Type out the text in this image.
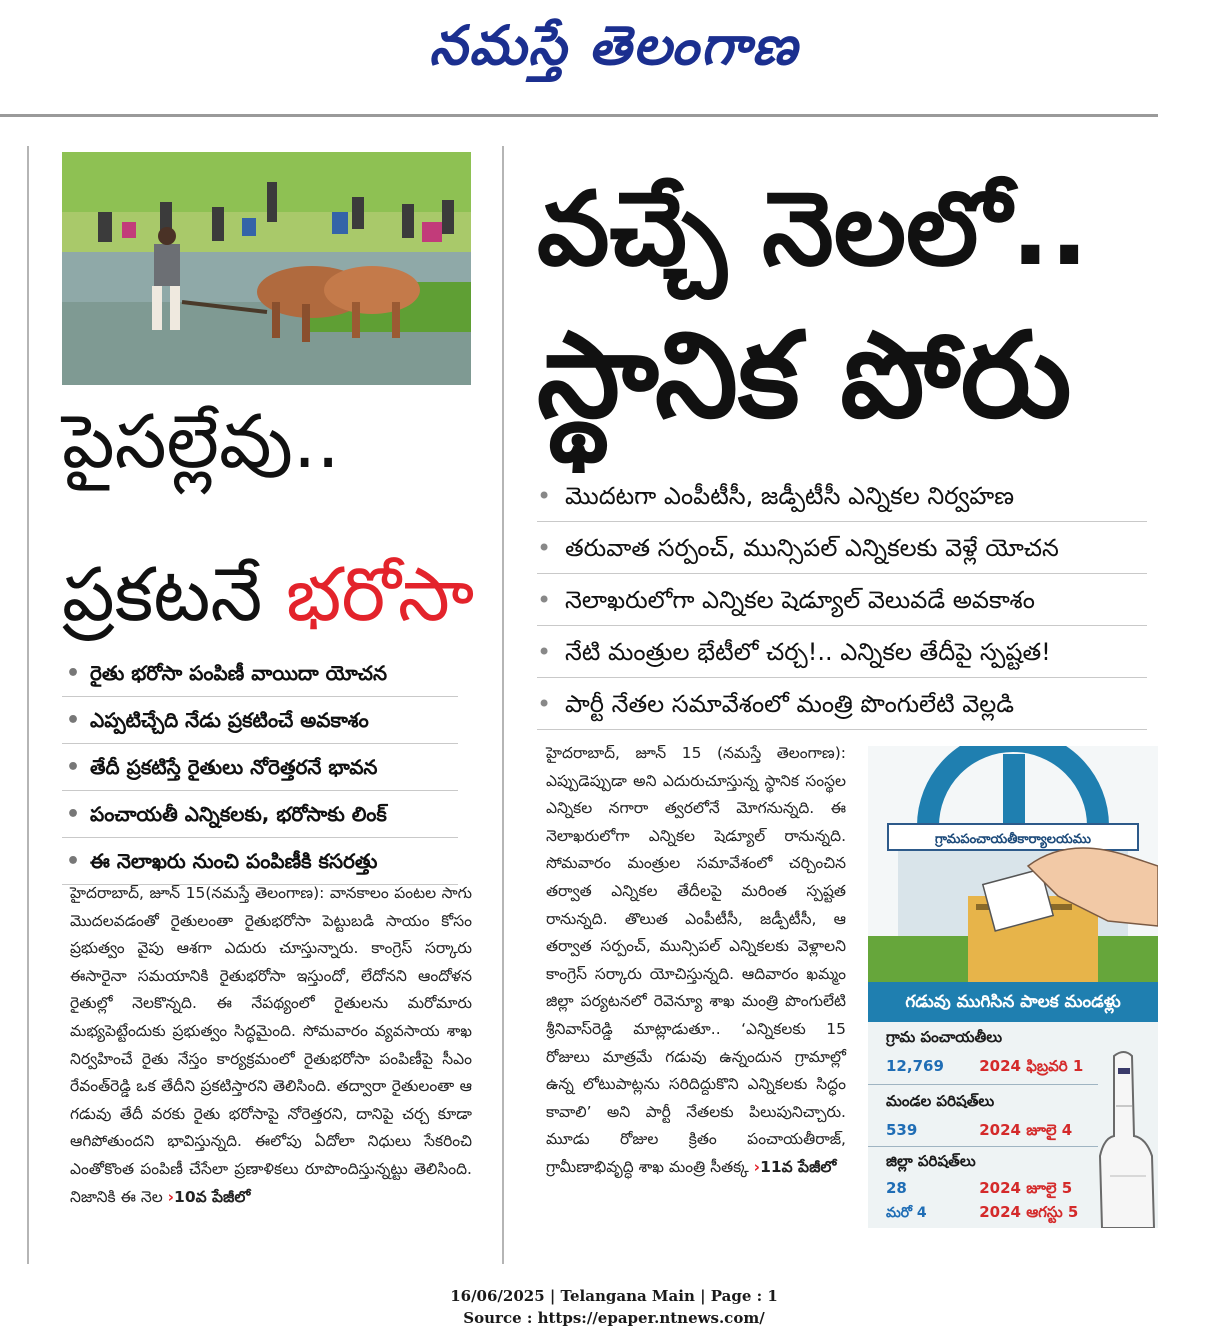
నమస్తే తెలంగాణ
పైసల్లేవు..
ప్రకటనే భరోసా
• రైతు భరోసా పంపిణీ వాయిదా యోచన
• ఎప్పటిచ్చేది నేడు ప్రకటించే అవకాశం
• తేదీ ప్రకటిస్తే రైతులు నోరెత్తరనే భావన
• పంచాయతీ ఎన్నికలకు, భరోసాకు లింక్
• ఈ నెలాఖరు నుంచి పంపిణీకి కసరత్తు
హైదరాబాద్, జూన్ 15(నమస్తే తెలంగాణ): వానకాలం పంటల సాగు మొదలవడంతో రైతులంతా రైతుభరోసా పెట్టుబడి సాయం కోసం ప్రభుత్వం వైపు ఆశగా ఎదురు చూస్తున్నారు. కాంగ్రెస్ సర్కారు ఈసారైనా సమయానికి రైతుభరోసా ఇస్తుందో, లేదోనని ఆందోళన రైతుల్లో నెలకొన్నది. ఈ నేపథ్యంలో రైతులను మరోమారు మభ్యపెట్టేందుకు ప్రభుత్వం సిద్ధమైంది. సోమవారం వ్యవసాయ శాఖ నిర్వహించే రైతు నేస్తం కార్యక్రమంలో రైతుభరోసా పంపిణీపై సీఎం రేవంత్‌రెడ్డి ఒక తేదీని ప్రకటిస్తారని తెలిసింది. తద్వారా రైతులంతా ఆ గడువు తేదీ వరకు రైతు భరోసాపై నోరెత్తరని, దానిపై చర్చ కూడా ఆగిపోతుందని భావిస్తున్నది. ఈలోపు ఏదోలా నిధులు సేకరించి ఎంతోకొంత పంపిణీ చేసేలా ప్రణాళికలు రూపొందిస్తున్నట్టు తెలిసింది. నిజానికి ఈ నెల ›10వ పేజీలో
వచ్చే నెలలో..
స్థానిక పోరు
• మొదటగా ఎంపీటీసీ, జడ్పీటీసీ ఎన్నికల నిర్వహణ
• తరువాత సర్పంచ్, మున్సిపల్ ఎన్నికలకు వెళ్లే యోచన
• నెలాఖరులోగా ఎన్నికల షెడ్యూల్ వెలువడే అవకాశం
• నేటి మంత్రుల భేటీలో చర్చ!.. ఎన్నికల తేదీపై స్పష్టత!
• పార్టీ నేతల సమావేశంలో మంత్రి పొంగులేటి వెల్లడి
హైదరాబాద్, జూన్ 15 (నమస్తే తెలంగాణ): ఎప్పుడెప్పుడా అని ఎదురుచూస్తున్న స్థానిక సంస్థల ఎన్నికల నగారా త్వరలోనే మోగనున్నది. ఈ నెలాఖరులోగా ఎన్నికల షెడ్యూల్ రానున్నది. సోమవారం మంత్రుల సమావేశంలో చర్చించిన తర్వాత ఎన్నికల తేదీలపై మరింత స్పష్టత రానున్నది. తొలుత ఎంపీటీసీ, జడ్పీటీసీ, ఆ తర్వాత సర్పంచ్, మున్సిపల్ ఎన్నికలకు వెళ్లాలని కాంగ్రెస్ సర్కారు యోచిస్తున్నది. ఆదివారం ఖమ్మం జిల్లా పర్యటనలో రెవెన్యూ శాఖ మంత్రి పొంగులేటి శ్రీనివాస్‌రెడ్డి మాట్లాడుతూ.. ‘ఎన్నికలకు 15 రోజులు మాత్రమే గడువు ఉన్నందున గ్రామాల్లో ఉన్న లోటుపాట్లను సరిదిద్దుకొని ఎన్నికలకు సిద్ధం కావాలి’ అని పార్టీ నేతలకు పిలుపునిచ్చారు. మూడు రోజుల క్రితం పంచాయతీరాజ్, గ్రామీణాభివృద్ధి శాఖ మంత్రి సీతక్క ›11వ పేజీలో
గ్రామపంచాయతీకార్యాలయము
గడువు ముగిసిన పాలక మండళ్లు
గ్రామ పంచాయతీలు
12,769 2024 ఫిబ్రవరి 1
మండల పరిషత్‌లు
539	2024 జూలై 4
జిల్లా పరిషత్‌లు
28	2024 జూలై 5
మరో 4	2024 ఆగస్టు 5
16/06/2025 | Telangana Main | Page : 1
Source : https://epaper.ntnews.com/
